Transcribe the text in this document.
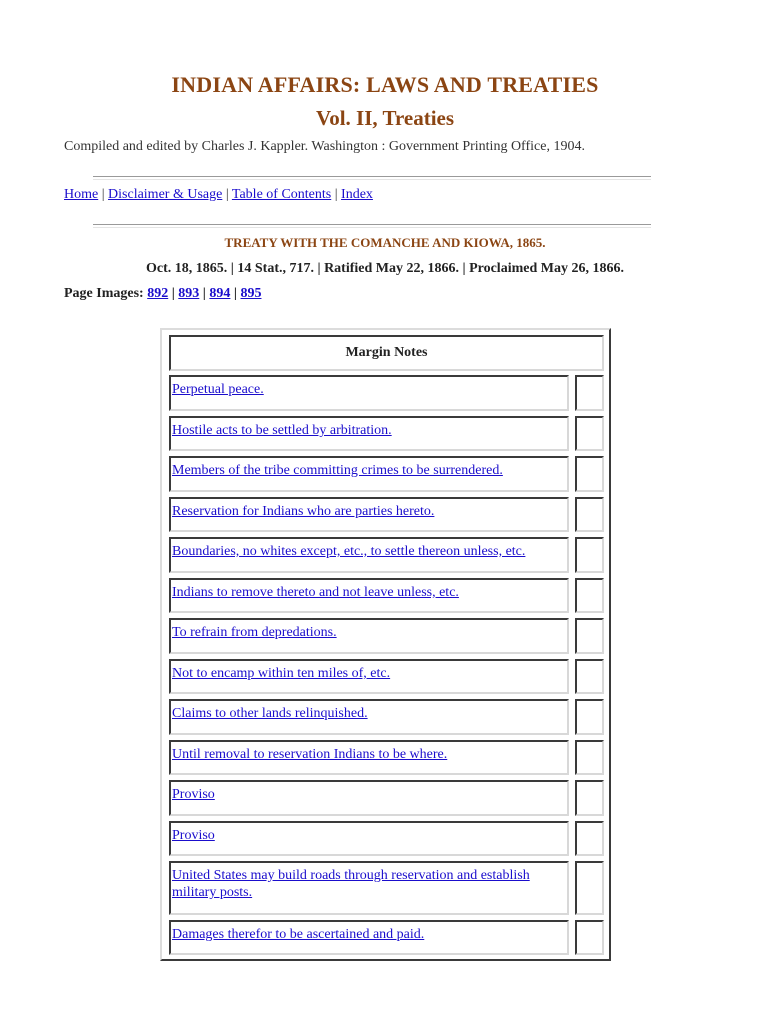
INDIAN AFFAIRS: LAWS AND TREATIES
Vol. II, Treaties
Compiled and edited by Charles J. Kappler. Washington : Government Printing Office, 1904.
Home | Disclaimer & Usage | Table of Contents | Index
TREATY WITH THE COMANCHE AND KIOWA, 1865.
Oct. 18, 1865. | 14 Stat., 717. | Ratified May 22, 1866. | Proclaimed May 26, 1866.
Page Images: 892 | 893 | 894 | 895
Margin Notes
Perpetual peace.
Hostile acts to be settled by arbitration.
Members of the tribe committing crimes to be surrendered.
Reservation for Indians who are parties hereto.
Boundaries, no whites except, etc., to settle thereon unless, etc.
Indians to remove thereto and not leave unless, etc.
To refrain from depredations.
Not to encamp within ten miles of, etc.
Claims to other lands relinquished.
Until removal to reservation Indians to be where.
Proviso
Proviso
United States may build roads through reservation and establish military posts.
Damages therefor to be ascertained and paid.
